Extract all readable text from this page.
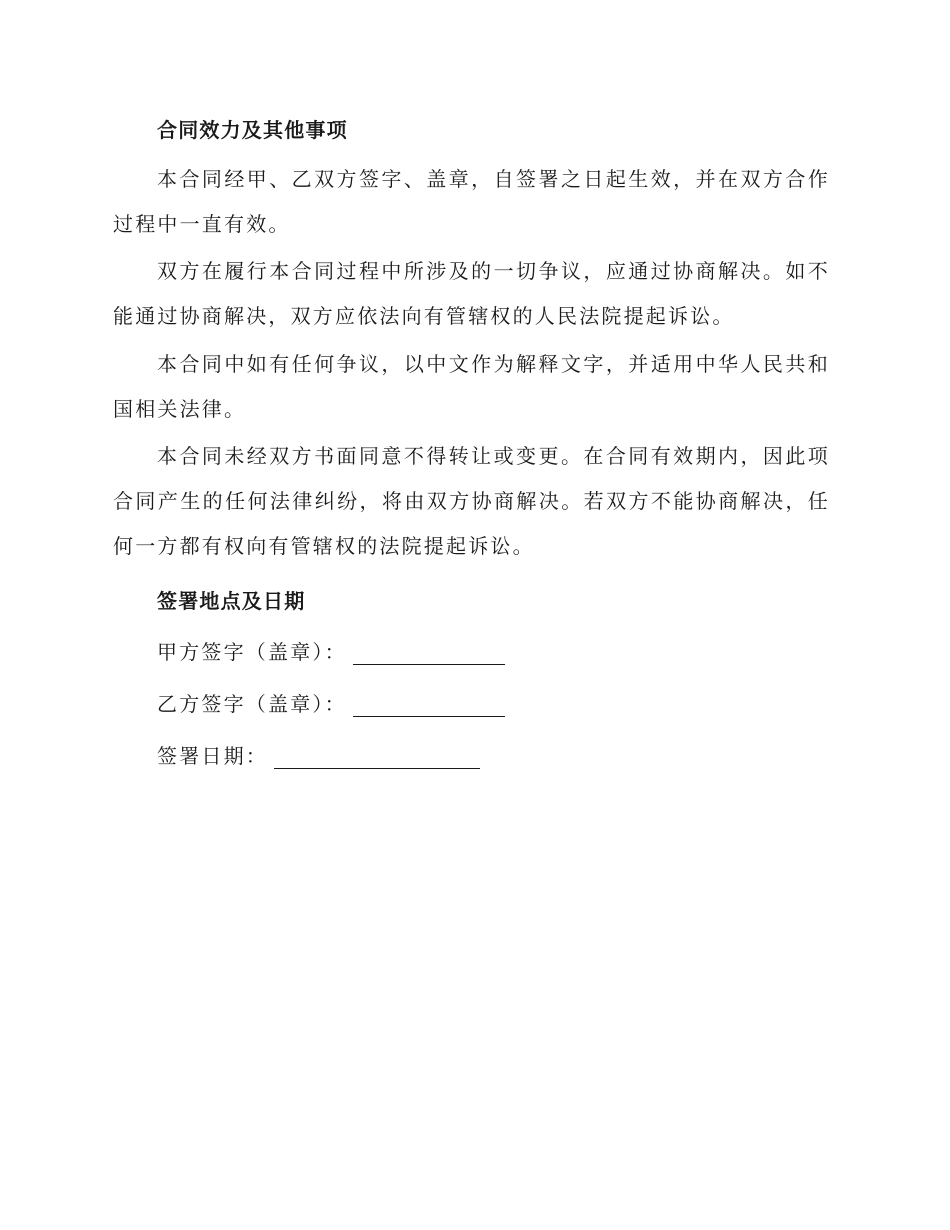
合同效力及其他事项
本合同经甲、乙双方签字、盖章，自签署之日起生效，并在双方合作过程中一直有效。
双方在履行本合同过程中所涉及的一切争议，应通过协商解决。如不能通过协商解决，双方应依法向有管辖权的人民法院提起诉讼。
本合同中如有任何争议，以中文作为解释文字，并适用中华人民共和国相关法律。
本合同未经双方书面同意不得转让或变更。在合同有效期内，因此项合同产生的任何法律纠纷，将由双方协商解决。若双方不能协商解决，任何一方都有权向有管辖权的法院提起诉讼。
签署地点及日期
甲方签字（盖章）：
乙方签字（盖章）：
签署日期：
